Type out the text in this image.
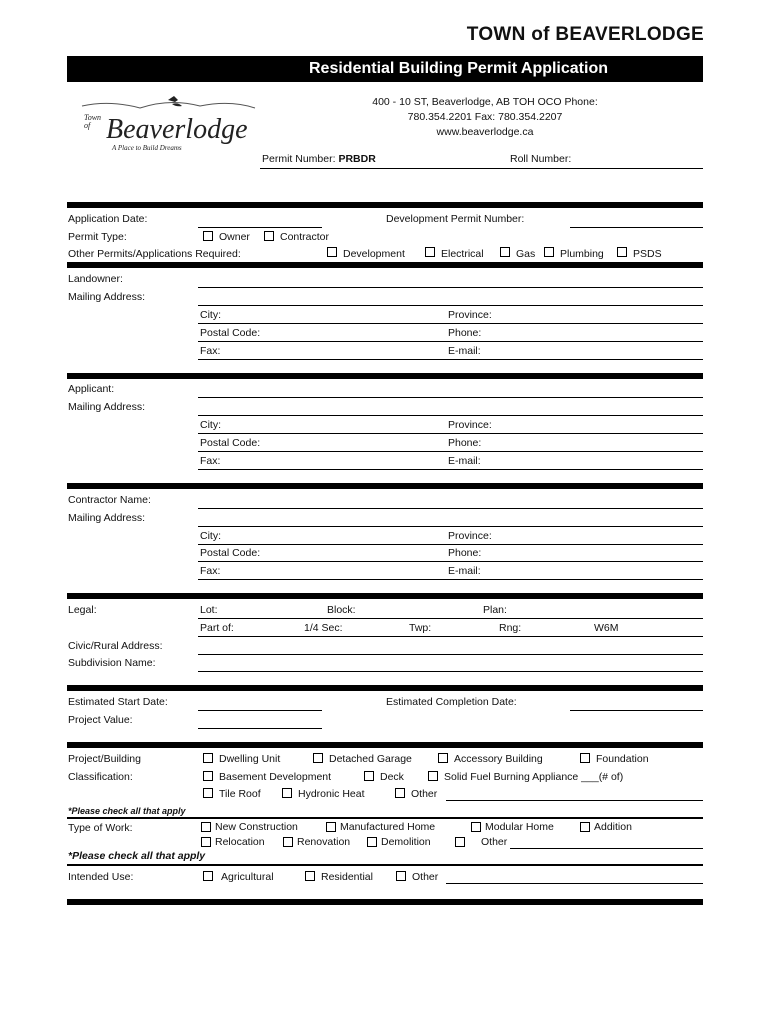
TOWN of BEAVERLODGE
Residential Building Permit Application
Town
of Beaverlodge
A Place to Build Dreams
400 - 10 ST, Beaverlodge, AB TOH OCO Phone:
780.354.2201 Fax: 780.354.2207
www.beaverlodge.ca
Permit Number: PRBDR	Roll Number:
Application Date:	Development Permit Number:
Permit Type:	Owner	Contractor
Other Permits/Applications Required:	Development	Electrical	Gas Plumbing	PSDS
Landowner:
Mailing Address:
City:	Province:
Postal Code:	Phone:
Fax:	E-mail:
Applicant:
Mailing Address:
City:	Province:
Postal Code:	Phone:
Fax:	E-mail:
Contractor Name:
Mailing Address:
City:	Province:
Postal Code:	Phone:
Fax:	E-mail:
Legal:	Lot:	Block:	Plan:
Part of:	1/4 Sec:	Twp:	Rng:	W6M
Civic/Rural Address:
Subdivision Name:
Estimated Start Date:	Estimated Completion Date:
Project Value:
Project/Building
Classification:
Dwelling Unit	Detached Garage	Accessory Building	Foundation
Basement Development	Deck	Solid Fuel Burning Appliance ___(# of)
Tile Roof	Hydronic Heat	Other
*Please check all that apply
Type of Work:	New Construction	Manufactured Home	Modular Home	Addition
Relocation	Renovation	Demolition	Other
*Please check all that apply
Intended Use:	Agricultural	Residential	Other
